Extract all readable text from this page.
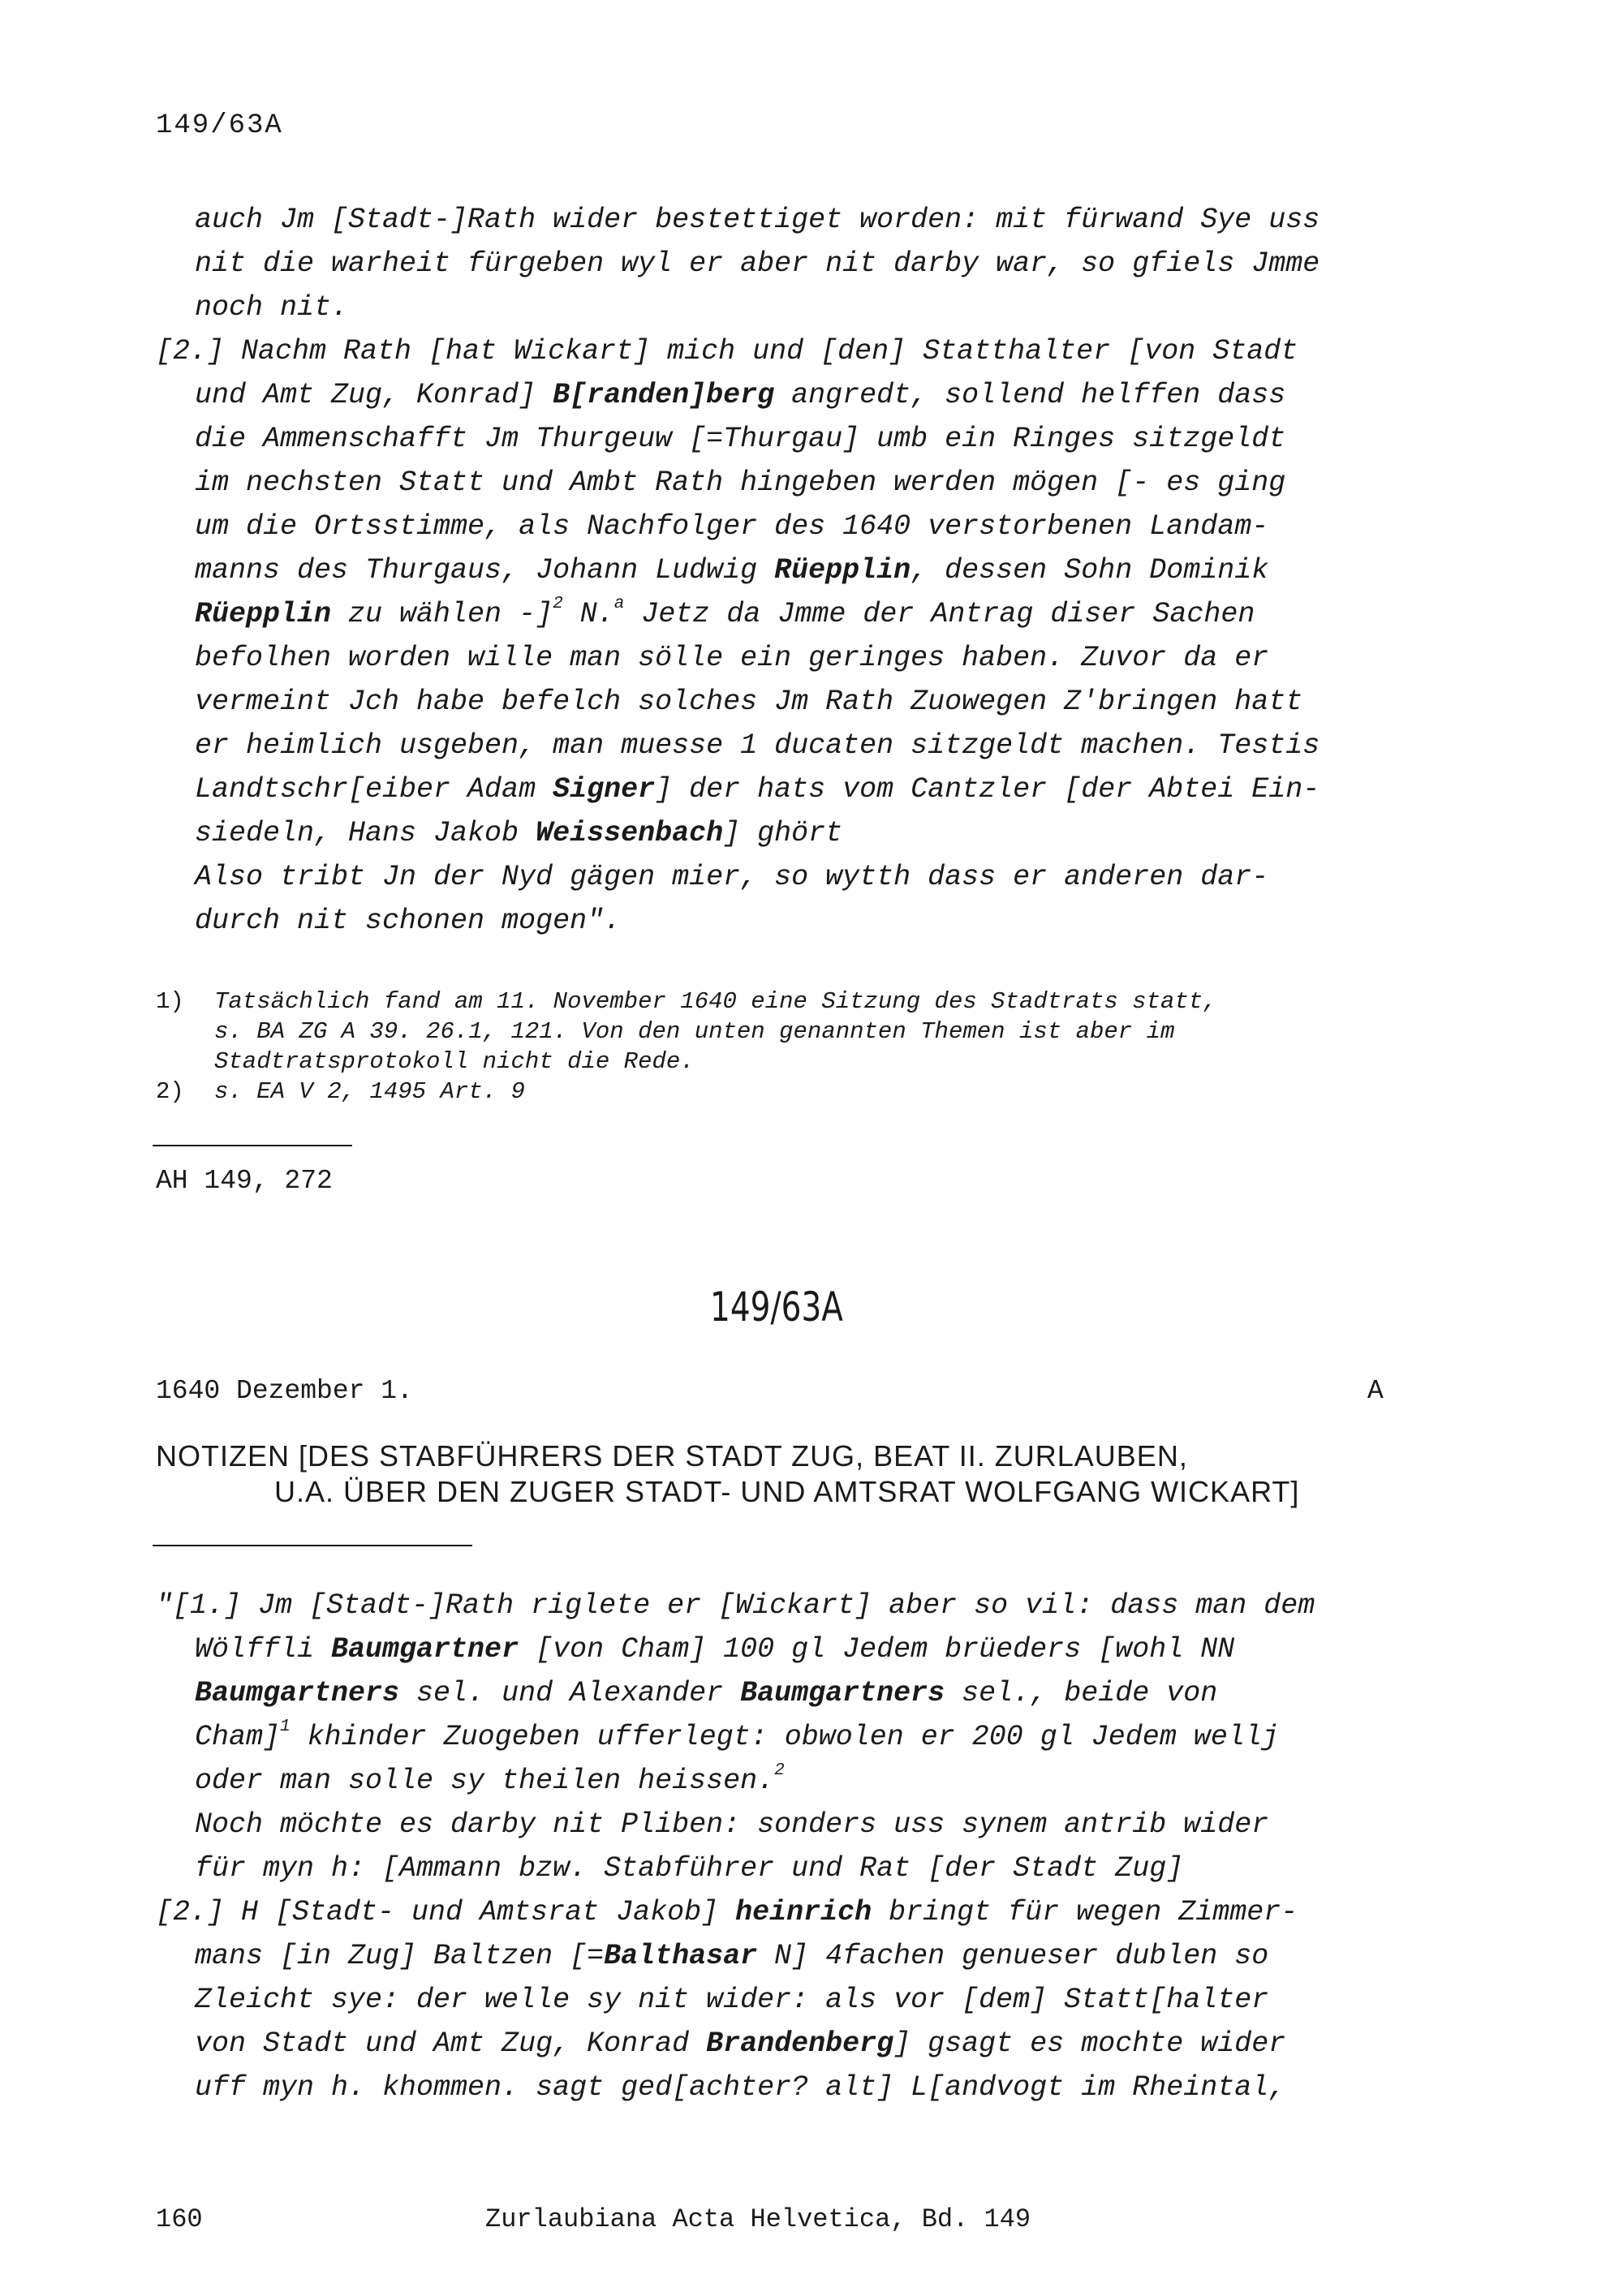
149/63A
auch Jm [Stadt-]Rath wider bestettiget worden: mit fürwand Sye uss
nit die warheit fürgeben wyl er aber nit darby war, so gfiels Jmme
noch nit.
[2.] Nachm Rath [hat Wickart] mich und [den] Statthalter [von Stadt
und Amt Zug, Konrad] B[randen]berg angredt, sollend helffen dass
die Ammenschafft Jm Thurgeuw [=Thurgau] umb ein Ringes sitzgeldt
im nechsten Statt und Ambt Rath hingeben werden mögen [- es ging
um die Ortsstimme, als Nachfolger des 1640 verstorbenen Landam-
manns des Thurgaus, Johann Ludwig Rüepplin, dessen Sohn Dominik
Rüepplin zu wählen -]$^2$ N.$^a$ Jetz da Jmme der Antrag diser Sachen
befolhen worden wille man sölle ein geringes haben. Zuvor da er
vermeint Jch habe befelch solches Jm Rath Zuowegen Z'bringen hatt
er heimlich usgeben, man muesse 1 ducaten sitzgeldt machen. Testis
Landtschr[eiber Adam Signer] der hats vom Cantzler [der Abtei Ein-
siedeln, Hans Jakob Weissenbach] ghört
Also tribt Jn der Nyd gägen mier, so wytth dass er anderen dar-
durch nit schonen mogen".
1) Tatsächlich fand am 11. November 1640 eine Sitzung des Stadtrats statt,
s. BA ZG A 39. 26.1, 121. Von den unten genannten Themen ist aber im
Stadtratsprotokoll nicht die Rede.
2) s. EA V 2, 1495 Art. 9
AH 149, 272
149/63A
1640 Dezember 1.	A
NOTIZEN [DES STABFÜHRERS DER STADT ZUG, BEAT II. ZURLAUBEN,
U.A. ÜBER DEN ZUGER STADT- UND AMTSRAT WOLFGANG WICKART]
"[1.] Jm [Stadt-]Rath riglete er [Wickart] aber so vil: dass man dem
Wölffli Baumgartner [von Cham] 100 gl Jedem brüeders [wohl NN
Baumgartners sel. und Alexander Baumgartners sel., beide von
Cham]$^1$ khinder Zuogeben ufferlegt: obwolen er 200 gl Jedem wellj
oder man solle sy theilen heissen.$^2$
Noch möchte es darby nit Pliben: sonders uss synem antrib wider
für myn h: [Ammann bzw. Stabführer und Rat [der Stadt Zug]
[2.] H [Stadt- und Amtsrat Jakob] heinrich bringt für wegen Zimmer-
mans [in Zug] Baltzen [=Balthasar N] 4fachen genueser dublen so
Zleicht sye: der welle sy nit wider: als vor [dem] Statt[halter
von Stadt und Amt Zug, Konrad Brandenberg] gsagt es mochte wider
uff myn h. khommen. sagt ged[achter? alt] L[andvogt im Rheintal,
160	Zurlaubiana Acta Helvetica, Bd. 149
